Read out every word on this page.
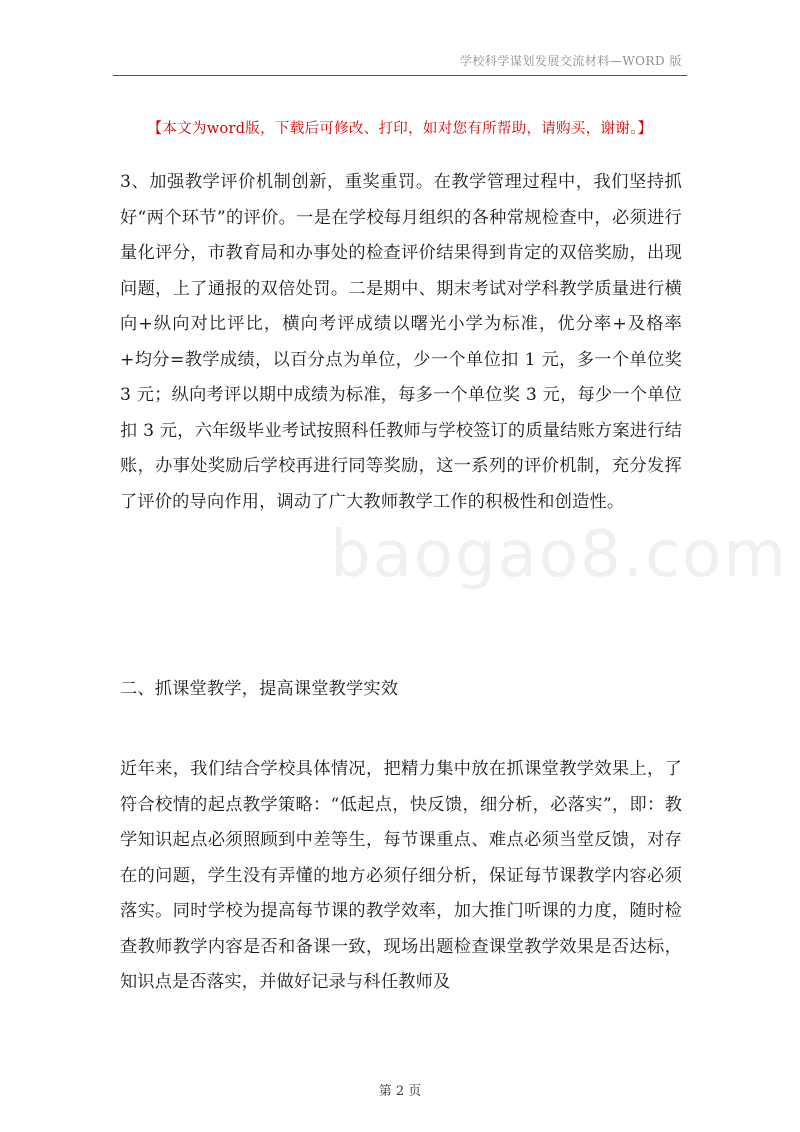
学校科学谋划发展交流材料—WORD 版
【本文为word版，下载后可修改、打印，如对您有所帮助，请购买，谢谢。】
3、加强教学评价机制创新，重奖重罚。在教学管理过程中，我们坚持抓好“两个环节”的评价。一是在学校每月组织的各种常规检查中，必须进行量化评分，市教育局和办事处的检查评价结果得到肯定的双倍奖励，出现问题，上了通报的双倍处罚。二是期中、期末考试对学科教学质量进行横向+纵向对比评比，横向考评成绩以曙光小学为标准，优分率+及格率+均分=教学成绩，以百分点为单位，少一个单位扣 1 元，多一个单位奖 3 元；纵向考评以期中成绩为标准，每多一个单位奖 3 元，每少一个单位扣 3 元，六年级毕业考试按照科任教师与学校签订的质量结账方案进行结账，办事处奖励后学校再进行同等奖励，这一系列的评价机制，充分发挥了评价的导向作用，调动了广大教师教学工作的积极性和创造性。
baogao8.com
二、抓课堂教学，提高课堂教学实效
近年来，我们结合学校具体情况，把精力集中放在抓课堂教学效果上，了符合校情的起点教学策略：“低起点，快反馈，细分析，必落实”，即：教学知识起点必须照顾到中差等生，每节课重点、难点必须当堂反馈，对存在的问题，学生没有弄懂的地方必须仔细分析，保证每节课教学内容必须落实。同时学校为提高每节课的教学效率，加大推门听课的力度，随时检查教师教学内容是否和备课一致，现场出题检查课堂教学效果是否达标，知识点是否落实，并做好记录与科任教师及
第 2 页
